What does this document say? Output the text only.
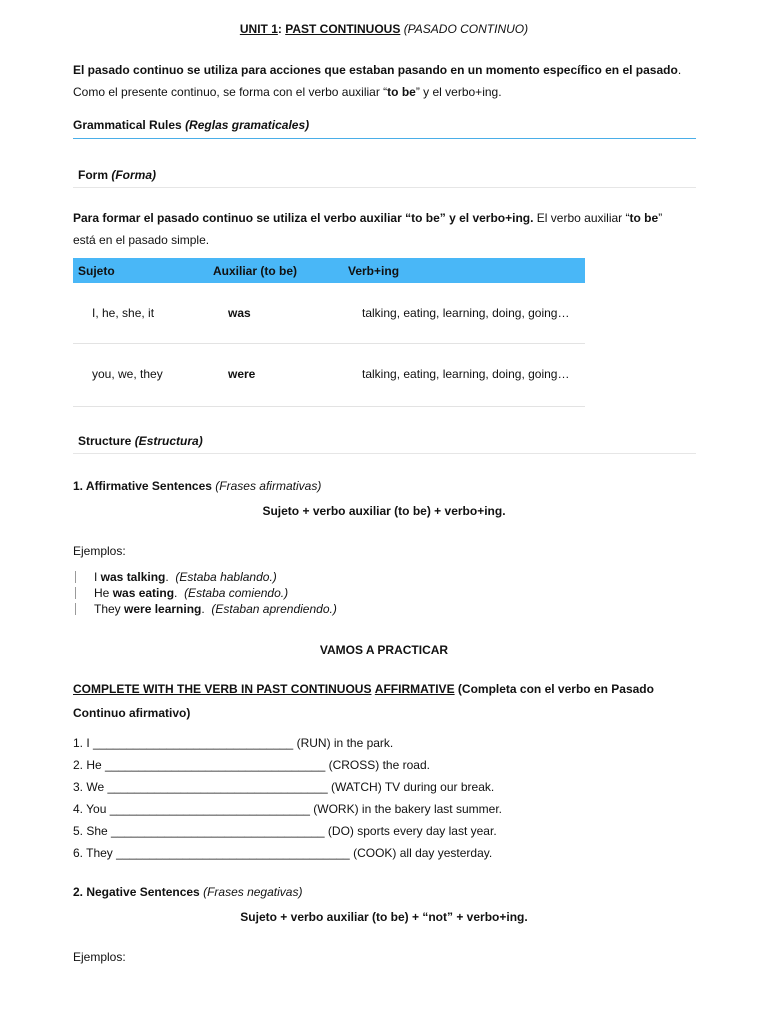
UNIT 1: PAST CONTINUOUS (PASADO CONTINUO)
El pasado continuo se utiliza para acciones que estaban pasando en un momento específico en el pasado.
Como el presente continuo, se forma con el verbo auxiliar “to be” y el verbo+ing.
Grammatical Rules (Reglas gramaticales)
Form (Forma)
Para formar el pasado continuo se utiliza el verbo auxiliar “to be” y el verbo+ing. El verbo auxiliar “to be”
está en el pasado simple.
Sujeto	Auxiliar (to be)	Verb+ing
I, he, she, it	was	talking, eating, learning, doing, going…
you, we, they	were	talking, eating, learning, doing, going…
Structure (Estructura)
1. Affirmative Sentences (Frases afirmativas)
Sujeto + verbo auxiliar (to be) + verbo+ing.
Ejemplos:
I was talking. (Estaba hablando.)
He was eating. (Estaba comiendo.)
They were learning. (Estaban aprendiendo.)
VAMOS A PRACTICAR
COMPLETE WITH THE VERB IN PAST CONTINUOUS AFFIRMATIVE (Completa con el verbo en Pasado
Continuo afirmativo)
1. I ______________________________ (RUN) in the park.
2. He _________________________________ (CROSS) the road.
3. We _________________________________ (WATCH) TV during our break.
4. You ______________________________ (WORK) in the bakery last summer.
5. She ________________________________ (DO) sports every day last year.
6. They ___________________________________ (COOK) all day yesterday.
2. Negative Sentences (Frases negativas)
Sujeto + verbo auxiliar (to be) + “not” + verbo+ing.
Ejemplos:
